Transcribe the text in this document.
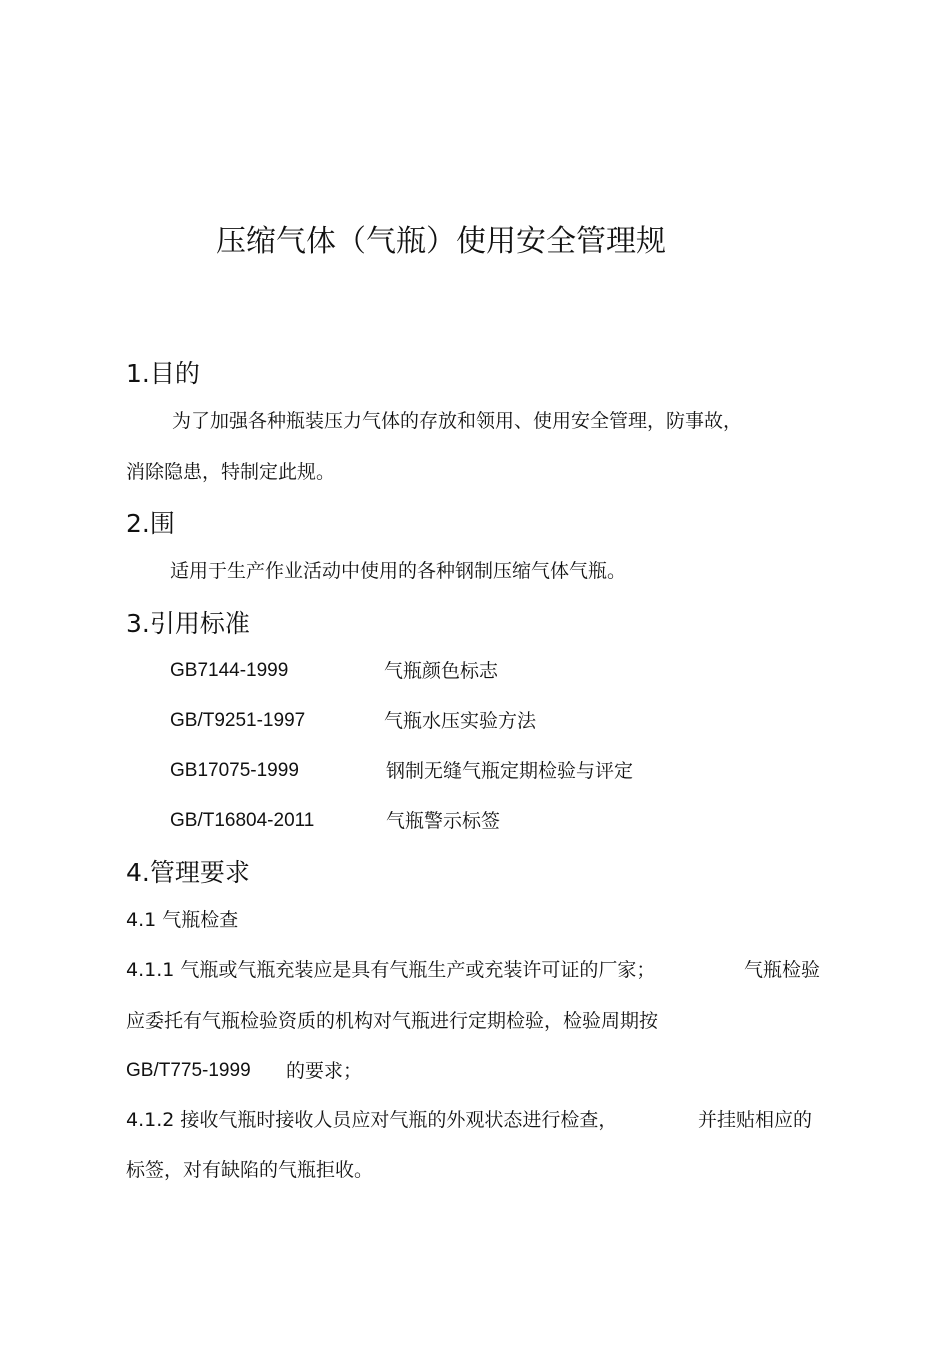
压缩气体（气瓶）使用安全管理规
1.目的
为了加强各种瓶装压力气体的存放和领用、使用安全管理，防事故，
消除隐患，特制定此规。
2.围
适用于生产作业活动中使用的各种钢制压缩气体气瓶。
3.引用标准
GB7144-1999	气瓶颜色标志
GB/T9251-1997	气瓶水压实验方法
GB17075-1999	钢制无缝气瓶定期检验与评定
GB/T16804-2011	气瓶警示标签
4.管理要求
4.1 气瓶检查
4.1.1 气瓶或气瓶充装应是具有气瓶生产或充装许可证的厂家；	气瓶检验
应委托有气瓶检验资质的机构对气瓶进行定期检验，检验周期按
GB/T775-1999 的要求；
4.1.2 接收气瓶时接收人员应对气瓶的外观状态进行检查，	并挂贴相应的
标签，对有缺陷的气瓶拒收。
